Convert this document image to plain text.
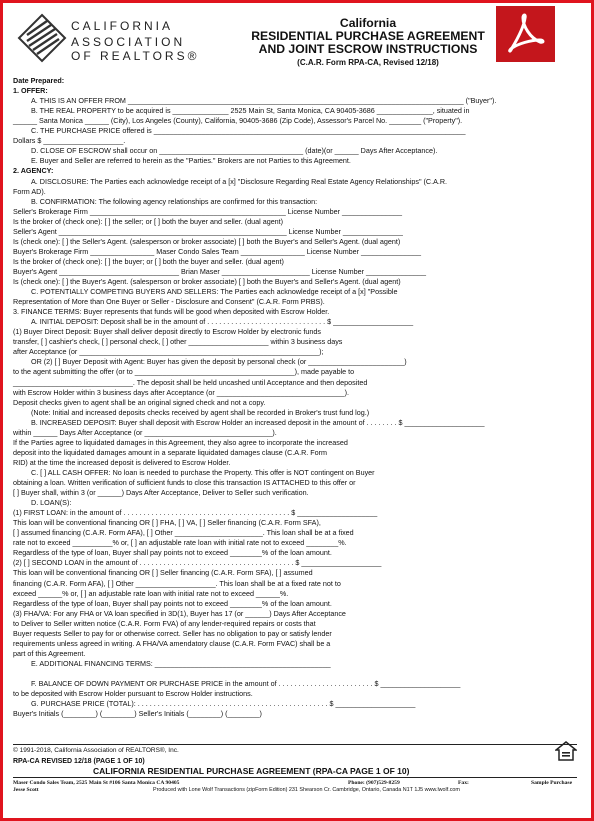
CALIFORNIA
ASSOCIATION
OF REALTORS®
California
RESIDENTIAL PURCHASE AGREEMENT
AND JOINT ESCROW INSTRUCTIONS
(C.A.R. Form RPA-CA, Revised 12/18)
Date Prepared:
1. OFFER:
A. THIS IS AN OFFER FROM ____________________________________________________________________________________ ("Buyer").
B. THE REAL PROPERTY to be acquired is ______________ 2525 Main St, Santa Monica, CA 90405-3686 ______________, situated in
______ Santa Monica ______ (City), Los Angeles (County), California, 90405-3686 (Zip Code), Assessor's Parcel No. ________ ("Property").
C. THE PURCHASE PRICE offered is ______________________________________________________________________________
Dollars $ ____________________.
D. CLOSE OF ESCROW shall occur on ____________________________________ (date)(or ______ Days After Acceptance).
E. Buyer and Seller are referred to herein as the "Parties." Brokers are not Parties to this Agreement.
2. AGENCY:
A. DISCLOSURE: The Parties each acknowledge receipt of a [x] "Disclosure Regarding Real Estate Agency Relationships" (C.A.R.
Form AD).
B. CONFIRMATION: The following agency relationships are confirmed for this transaction:
Seller's Brokerage Firm _________________________________________________ License Number _______________
Is the broker of (check one): [ ] the seller; or [ ] both the buyer and seller. (dual agent)
Seller's Agent _________________________________________________________ License Number _______________
Is (check one): [ ] the Seller's Agent. (salesperson or broker associate) [ ] both the Buyer's and Seller's Agent. (dual agent)
Buyer's Brokerage Firm ________________ Maser Condo Sales Team ________________ License Number _______________
Is the broker of (check one): [ ] the buyer; or [ ] both the buyer and seller. (dual agent)
Buyer's Agent ______________________________ Brian Maser ______________________ License Number _______________
Is (check one): [ ] the Buyer's Agent. (salesperson or broker associate) [ ] both the Buyer's and Seller's Agent. (dual agent)
C. POTENTIALLY COMPETING BUYERS AND SELLERS: The Parties each acknowledge receipt of a [x] "Possible
Representation of More than One Buyer or Seller - Disclosure and Consent" (C.A.R. Form PRBS).
3. FINANCE TERMS: Buyer represents that funds will be good when deposited with Escrow Holder.
A. INITIAL DEPOSIT: Deposit shall be in the amount of . . . . . . . . . . . . . . . . . . . . . . . . . . . . . . $ ____________________
(1) Buyer Direct Deposit: Buyer shall deliver deposit directly to Escrow Holder by electronic funds
transfer, [ ] cashier's check, [ ] personal check, [ ] other ____________________ within 3 business days
after Acceptance (or ____________________________________________________________);
OR (2) [ ] Buyer Deposit with Agent: Buyer has given the deposit by personal check (or ________________________)
to the agent submitting the offer (or to ________________________________________), made payable to
______________________________. The deposit shall be held uncashed until Acceptance and then deposited
with Escrow Holder within 3 business days after Acceptance (or ________________________________).
Deposit checks given to agent shall be an original signed check and not a copy.
(Note: Initial and increased deposits checks received by agent shall be recorded in Broker's trust fund log.)
B. INCREASED DEPOSIT: Buyer shall deposit with Escrow Holder an increased deposit in the amount of . . . . . . . . $ ____________________
within ______ Days After Acceptance (or ________________________________).
If the Parties agree to liquidated damages in this Agreement, they also agree to incorporate the increased
deposit into the liquidated damages amount in a separate liquidated damages clause (C.A.R. Form
RID) at the time the increased deposit is delivered to Escrow Holder.
C. [ ] ALL CASH OFFER: No loan is needed to purchase the Property. This offer is NOT contingent on Buyer
obtaining a loan. Written verification of sufficient funds to close this transaction IS ATTACHED to this offer or
[ ] Buyer shall, within 3 (or ______) Days After Acceptance, Deliver to Seller such verification.
D. LOAN(S):
(1) FIRST LOAN: in the amount of . . . . . . . . . . . . . . . . . . . . . . . . . . . . . . . . . . . . . . . . . . $ ____________________
This loan will be conventional financing OR [ ] FHA, [ ] VA, [ ] Seller financing (C.A.R. Form SFA),
[ ] assumed financing (C.A.R. Form AFA), [ ] Other ______________________. This loan shall be at a fixed
rate not to exceed __________% or, [ ] an adjustable rate loan with initial rate not to exceed ________%.
Regardless of the type of loan, Buyer shall pay points not to exceed ________% of the loan amount.
(2) [ ] SECOND LOAN in the amount of . . . . . . . . . . . . . . . . . . . . . . . . . . . . . . . . . . . . . . . $ ____________________
This loan will be conventional financing OR [ ] Seller financing (C.A.R. Form SFA), [ ] assumed
financing (C.A.R. Form AFA), [ ] Other ____________________. This loan shall be at a fixed rate not to
exceed ______% or, [ ] an adjustable rate loan with initial rate not to exceed ______%.
Regardless of the type of loan, Buyer shall pay points not to exceed ________% of the loan amount.
(3) FHA/VA: For any FHA or VA loan specified in 3D(1), Buyer has 17 (or ______) Days After Acceptance
to Deliver to Seller written notice (C.A.R. Form FVA) of any lender-required repairs or costs that
Buyer requests Seller to pay for or otherwise correct. Seller has no obligation to pay or satisfy lender
requirements unless agreed in writing. A FHA/VA amendatory clause (C.A.R. Form FVAC) shall be a
part of this Agreement.
E. ADDITIONAL FINANCING TERMS: ____________________________________________
F. BALANCE OF DOWN PAYMENT OR PURCHASE PRICE in the amount of . . . . . . . . . . . . . . . . . . . . . . . . $ ____________________
to be deposited with Escrow Holder pursuant to Escrow Holder instructions.
G. PURCHASE PRICE (TOTAL): . . . . . . . . . . . . . . . . . . . . . . . . . . . . . . . . . . . . . . . . . . . . . . . . $ ____________________
Buyer's Initials (________) (________) Seller's Initials (________) (________)
© 1991-2018, California Association of REALTORS®, Inc.
RPA-CA REVISED 12/18 (PAGE 1 OF 10)
CALIFORNIA RESIDENTIAL PURCHASE AGREEMENT (RPA-CA PAGE 1 OF 10)
Maser Condo Sales Team, 2525 Main St #106 Santa Monica CA 90405
Jesse Scott
Phone: (907)529-8259	Fax:	Sample Purchase
Produced with Lone Wolf Transactions (zipForm Edition) 231 Shearson Cr. Cambridge, Ontario, Canada N1T 1J5 www.lwolf.com
